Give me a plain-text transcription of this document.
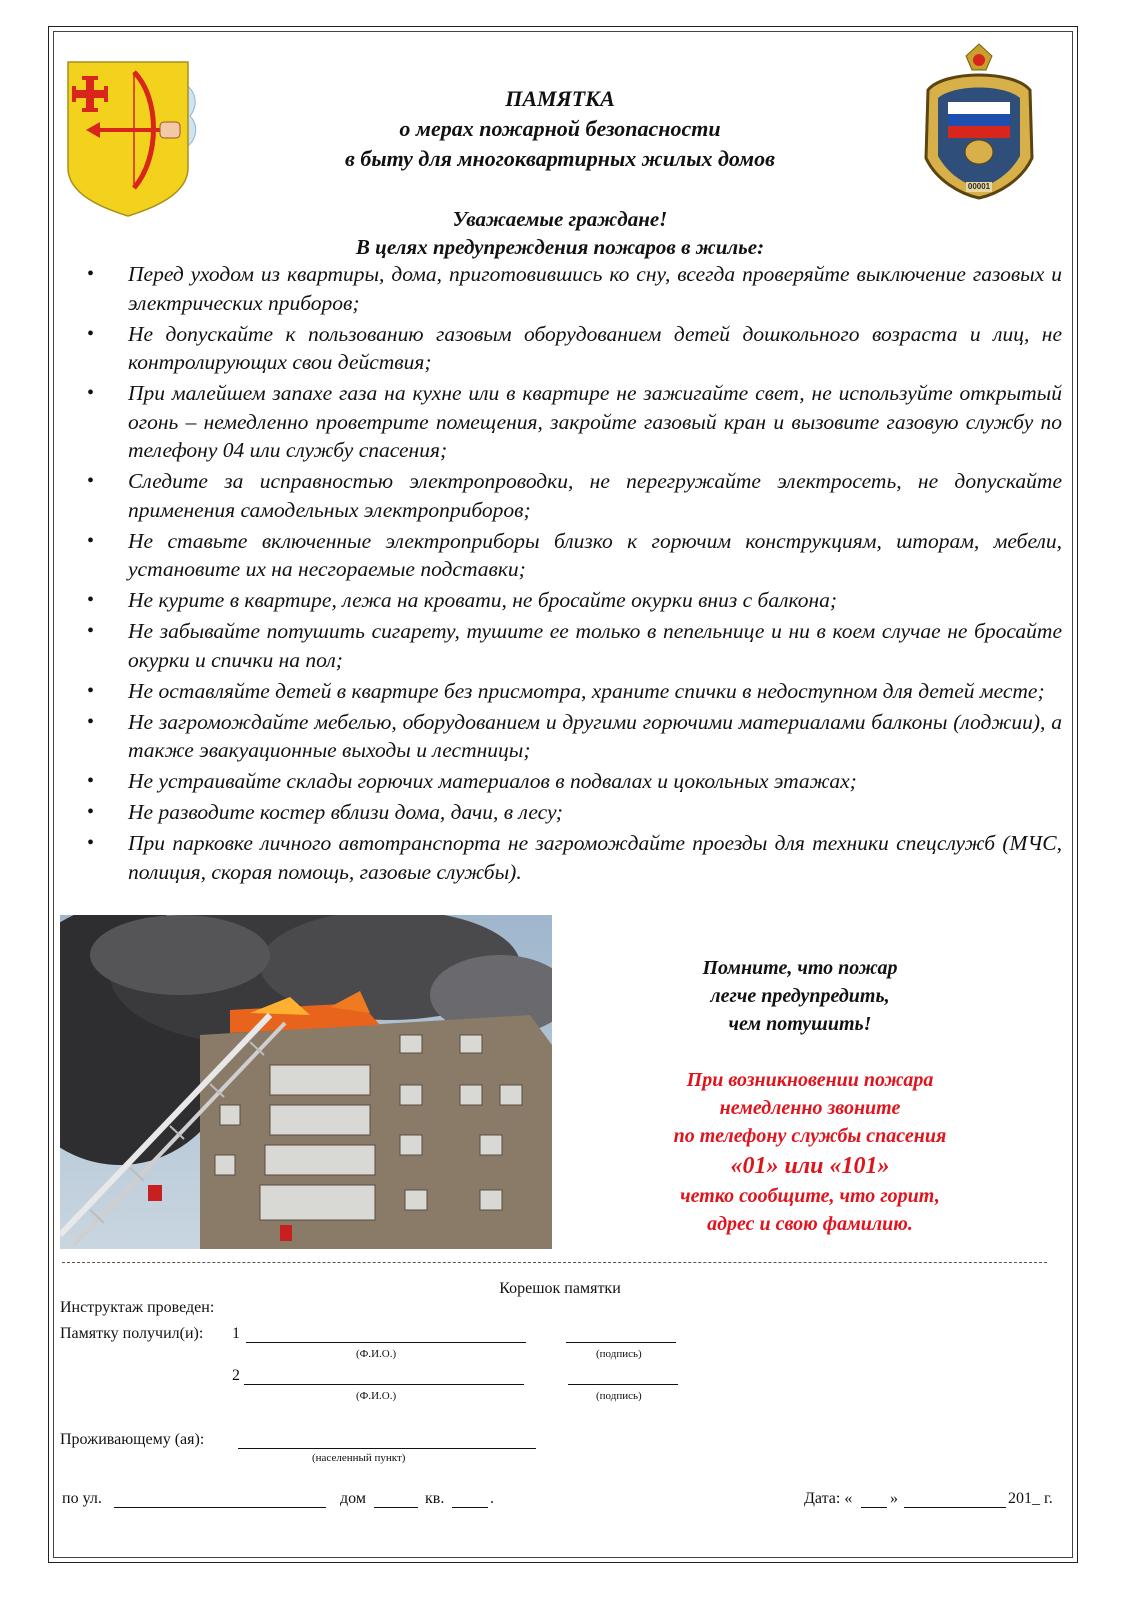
00001
ПАМЯТКА
о мерах пожарной безопасности
в быту для многоквартирных жилых домов
Уважаемые граждане!
В целях предупреждения пожаров в жилье:
• Перед уходом из квартиры, дома, приготовившись ко сну, всегда проверяйте выключение газовых и электрических приборов;
• Не допускайте к пользованию газовым оборудованием детей дошкольного возраста и лиц, не контролирующих свои действия;
• При малейшем запахе газа на кухне или в квартире не зажигайте свет, не используйте открытый огонь – немедленно проветрите помещения, закройте газовый кран и вызовите газовую службу по телефону 04 или службу спасения;
• Следите за исправностью электропроводки, не перегружайте электросеть, не допускайте применения самодельных электроприборов;
• Не ставьте включенные электроприборы близко к горючим конструкциям, шторам, мебели, установите их на несгораемые подставки;
• Не курите в квартире, лежа на кровати, не бросайте окурки вниз с балкона;
• Не забывайте потушить сигарету, тушите ее только в пепельнице и ни в коем случае не бросайте окурки и спички на пол;
• Не оставляйте детей в квартире без присмотра, храните спички в недоступном для детей месте;
• Не загромождайте мебелью, оборудованием и другими горючими материалами балконы (лоджии), а также эвакуационные выходы и лестницы;
• Не устраивайте склады горючих материалов в подвалах и цокольных этажах;
• Не разводите костер вблизи дома, дачи, в лесу;
• При парковке личного автотранспорта не загромождайте проезды для техники спецслужб (МЧС, полиция, скорая помощь, газовые службы).
Помните, что пожар
легче предупредить,
чем потушить!
При возникновении пожара
немедленно звоните
по телефону службы спасения
«01» или «101»
четко сообщите, что горит,
адрес и свою фамилию.
Корешок памятки
Инструктаж проведен:
Памятку получил(и): 1
(Ф.И.О.)	(подпись)
2
(Ф.И.О.)	(подпись)
Проживающему (ая):
(населенный пункт)
по ул.	дом	кв.	.	Дата: « »	201_ г.
